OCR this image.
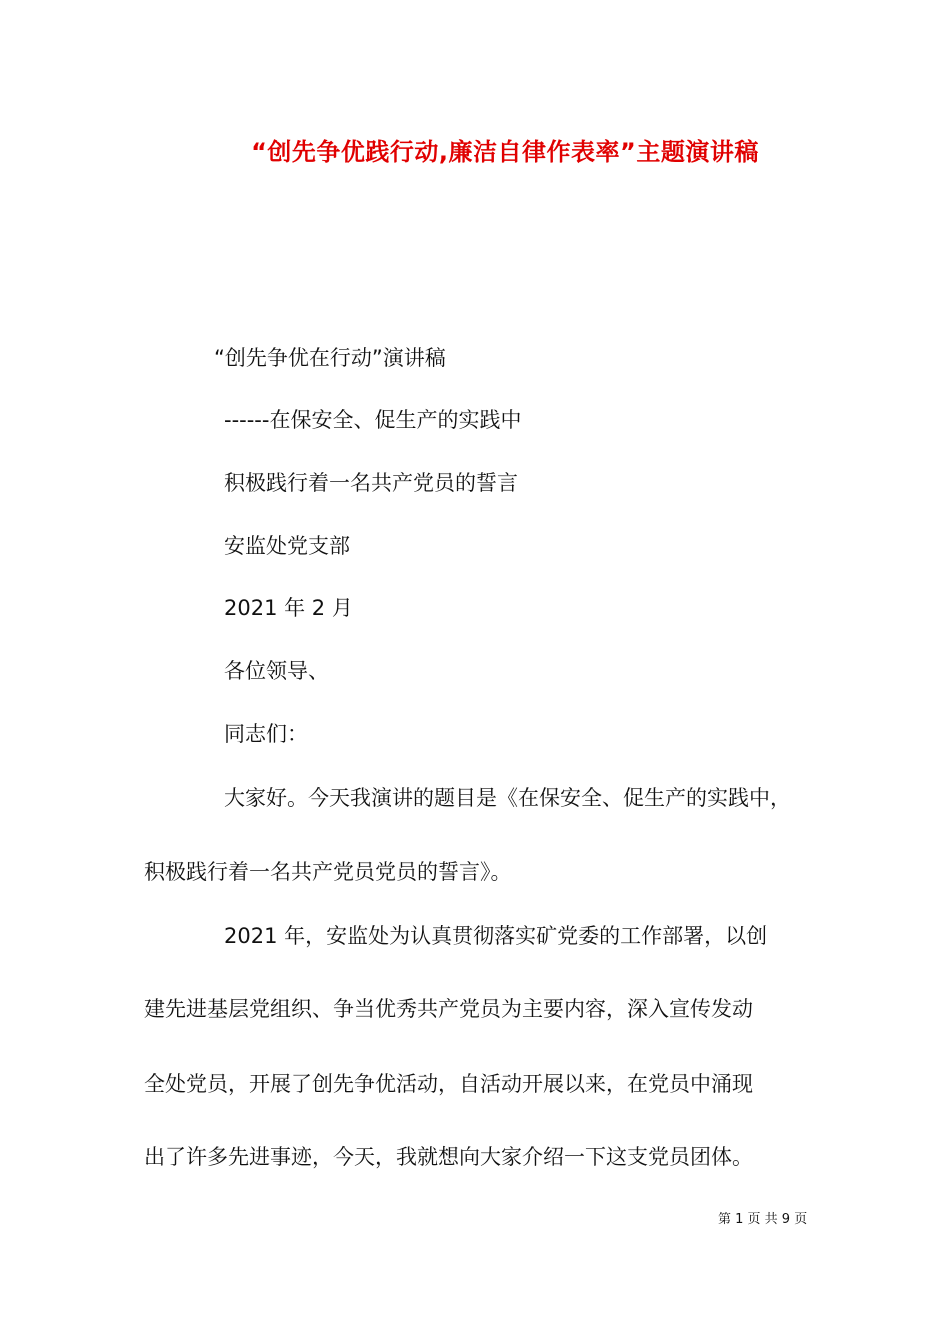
“创先争优践行动,廉洁自律作表率”主题演讲稿
“创先争优在行动”演讲稿
------在保安全、促生产的实践中
积极践行着一名共产党员的誓言
安监处党支部
2021 年 2 月
各位领导、
同志们：
大家好。今天我演讲的题目是《在保安全、促生产的实践中，
积极践行着一名共产党员党员的誓言》。
2021 年，安监处为认真贯彻落实矿党委的工作部署，以创
建先进基层党组织、争当优秀共产党员为主要内容，深入宣传发动
全处党员，开展了创先争优活动，自活动开展以来，在党员中涌现
出了许多先进事迹，今天，我就想向大家介绍一下这支党员团体。
第 1 页 共 9 页
